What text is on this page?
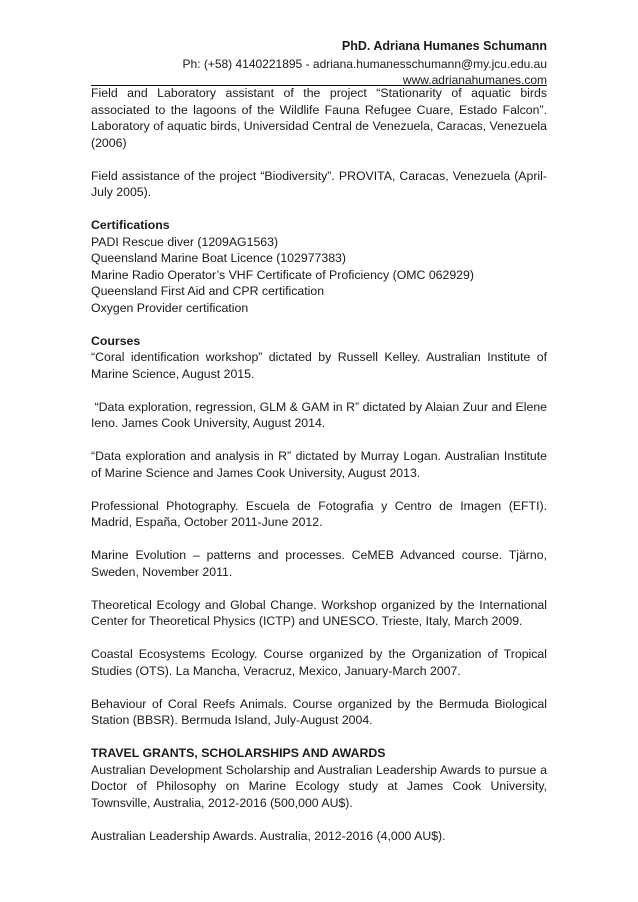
PhD. Adriana Humanes Schumann
Ph: (+58) 4140221895 - adriana.humanesschumann@my.jcu.edu.au
www.adrianahumanes.com

Field and Laboratory assistant of the project “Stationarity of aquatic birds associated to the lagoons of the Wildlife Fauna Refugee Cuare, Estado Falcon”. Laboratory of aquatic birds, Universidad Central de Venezuela, Caracas, Venezuela (2006)

Field assistance of the project “Biodiversity”. PROVITA, Caracas, Venezuela (April-July 2005).

Certifications

PADI Rescue diver (1209AG1563)

Queensland Marine Boat Licence (102977383)

Marine Radio Operator’s VHF Certificate of Proficiency (OMC 062929)

Queensland First Aid and CPR certification

Oxygen Provider certification

Courses

“Coral identification workshop” dictated by Russell Kelley. Australian Institute of Marine Science, August 2015.

“Data exploration, regression, GLM & GAM in R” dictated by Alaian Zuur and Elene Ieno. James Cook University, August 2014.

“Data exploration and analysis in R” dictated by Murray Logan. Australian Institute of Marine Science and James Cook University, August 2013.

Professional Photography. Escuela de Fotografia y Centro de Imagen (EFTI). Madrid, España, October 2011-June 2012.

Marine Evolution – patterns and processes. CeMEB Advanced course. Tjärno, Sweden, November 2011.

Theoretical Ecology and Global Change. Workshop organized by the International Center for Theoretical Physics (ICTP) and UNESCO. Trieste, Italy, March 2009.

Coastal Ecosystems Ecology. Course organized by the Organization of Tropical Studies (OTS). La Mancha, Veracruz, Mexico, January-March 2007.

Behaviour of Coral Reefs Animals. Course organized by the Bermuda Biological Station (BBSR). Bermuda Island, July-August 2004.

TRAVEL GRANTS, SCHOLARSHIPS AND AWARDS

Australian Development Scholarship and Australian Leadership Awards to pursue a Doctor of Philosophy on Marine Ecology study at James Cook University, Townsville, Australia, 2012-2016 (500,000 AU$).

Australian Leadership Awards. Australia, 2012-2016 (4,000 AU$).
